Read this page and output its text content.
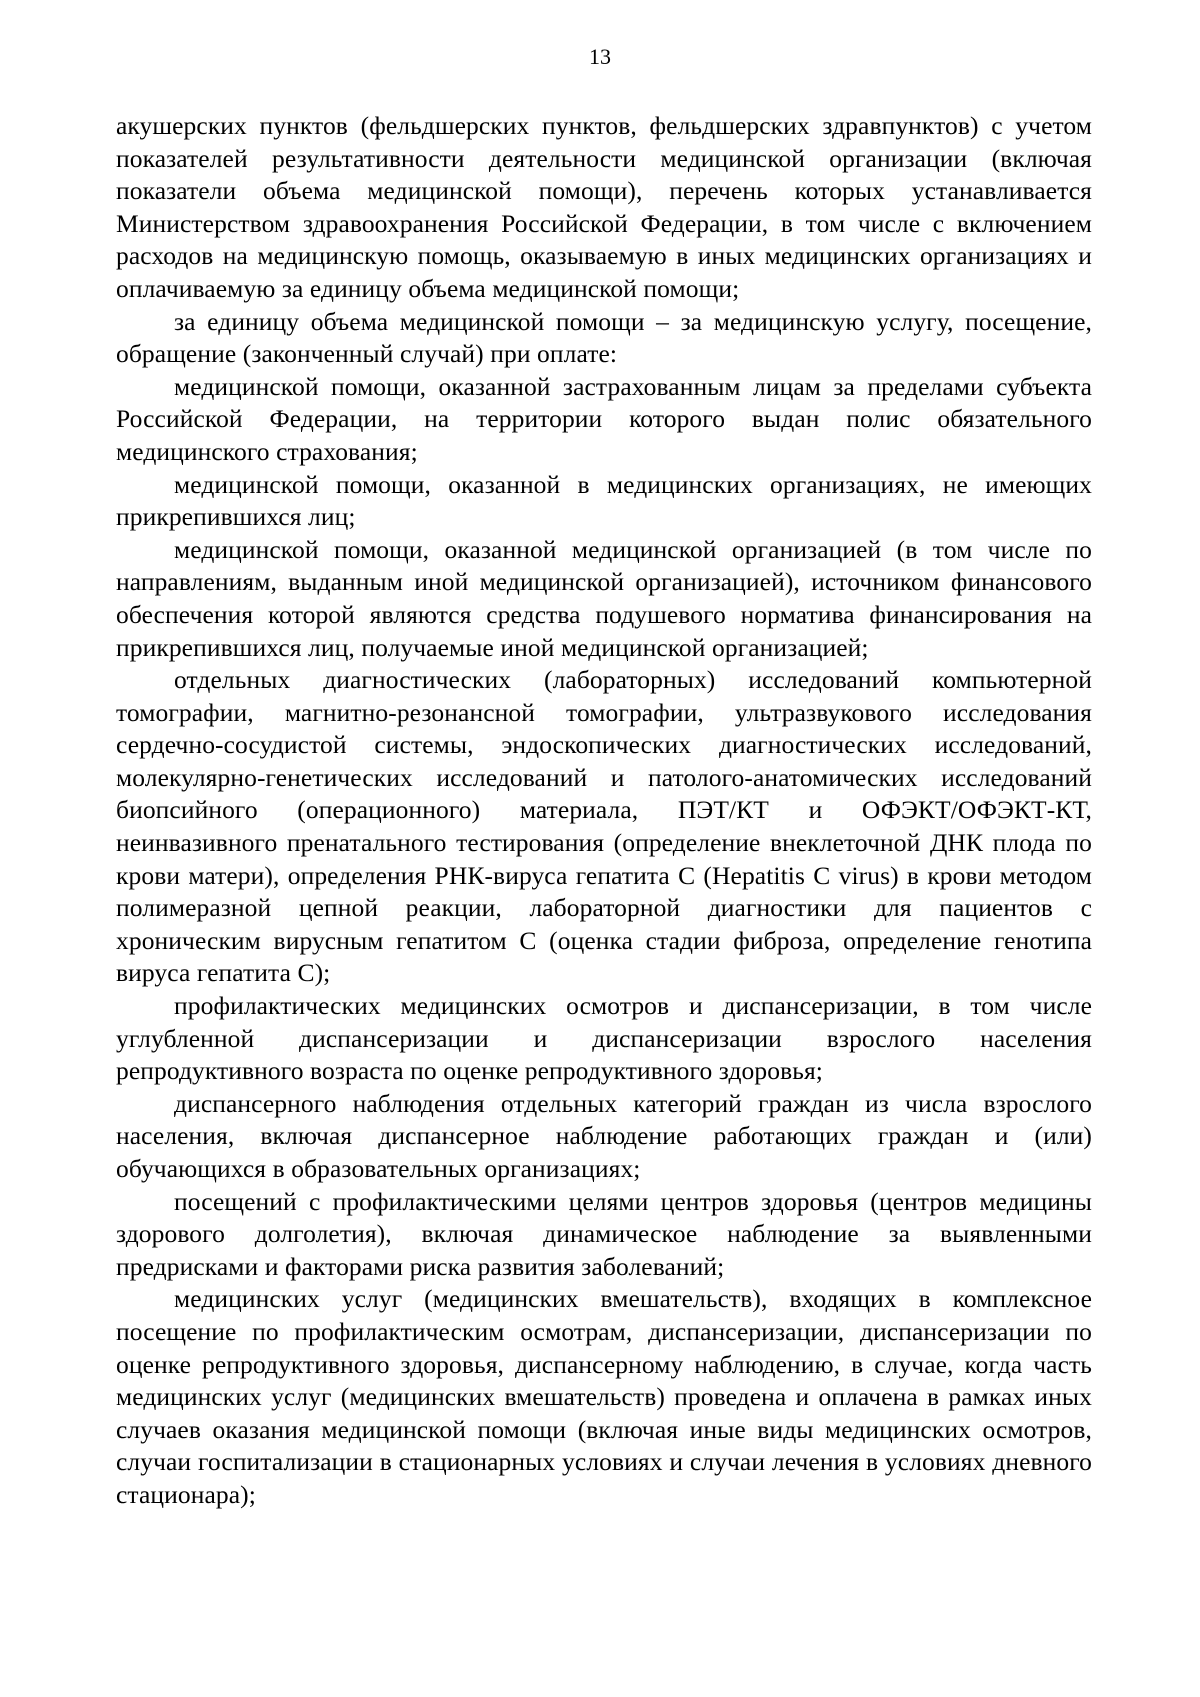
13

акушерских пунктов (фельдшерских пунктов, фельдшерских здравпунктов) с учетом показателей результативности деятельности медицинской организации (включая показатели объема медицинской помощи), перечень которых устанавливается Министерством здравоохранения Российской Федерации, в том числе с включением расходов на медицинскую помощь, оказываемую в иных медицинских организациях и оплачиваемую за единицу объема медицинской помощи;

за единицу объема медицинской помощи – за медицинскую услугу, посещение, обращение (законченный случай) при оплате:

медицинской помощи, оказанной застрахованным лицам за пределами субъекта Российской Федерации, на территории которого выдан полис обязательного медицинского страхования;

медицинской помощи, оказанной в медицинских организациях, не имеющих прикрепившихся лиц;

медицинской помощи, оказанной медицинской организацией (в том числе по направлениям, выданным иной медицинской организацией), источником финансового обеспечения которой являются средства подушевого норматива финансирования на прикрепившихся лиц, получаемые иной медицинской организацией;

отдельных диагностических (лабораторных) исследований компьютерной томографии, магнитно-резонансной томографии, ультразвукового исследования сердечно-сосудистой системы, эндоскопических диагностических исследований, молекулярно-генетических исследований и патолого-анатомических исследований биопсийного (операционного) материала, ПЭТ/КТ и ОФЭКТ/ОФЭКТ-КТ, неинвазивного пренатального тестирования (определение внеклеточной ДНК плода по крови матери), определения РНК-вируса гепатита С (Hepatitis C virus) в крови методом полимеразной цепной реакции, лабораторной диагностики для пациентов с хроническим вирусным гепатитом С (оценка стадии фиброза, определение генотипа вируса гепатита С);

профилактических медицинских осмотров и диспансеризации, в том числе углубленной диспансеризации и диспансеризации взрослого населения репродуктивного возраста по оценке репродуктивного здоровья;

диспансерного наблюдения отдельных категорий граждан из числа взрослого населения, включая диспансерное наблюдение работающих граждан и (или) обучающихся в образовательных организациях;

посещений с профилактическими целями центров здоровья (центров медицины здорового долголетия), включая динамическое наблюдение за выявленными предрисками и факторами риска развития заболеваний;

медицинских услуг (медицинских вмешательств), входящих в комплексное посещение по профилактическим осмотрам, диспансеризации, диспансеризации по оценке репродуктивного здоровья, диспансерному наблюдению, в случае, когда часть медицинских услуг (медицинских вмешательств) проведена и оплачена в рамках иных случаев оказания медицинской помощи (включая иные виды медицинских осмотров, случаи госпитализации в стационарных условиях и случаи лечения в условиях дневного стационара);
